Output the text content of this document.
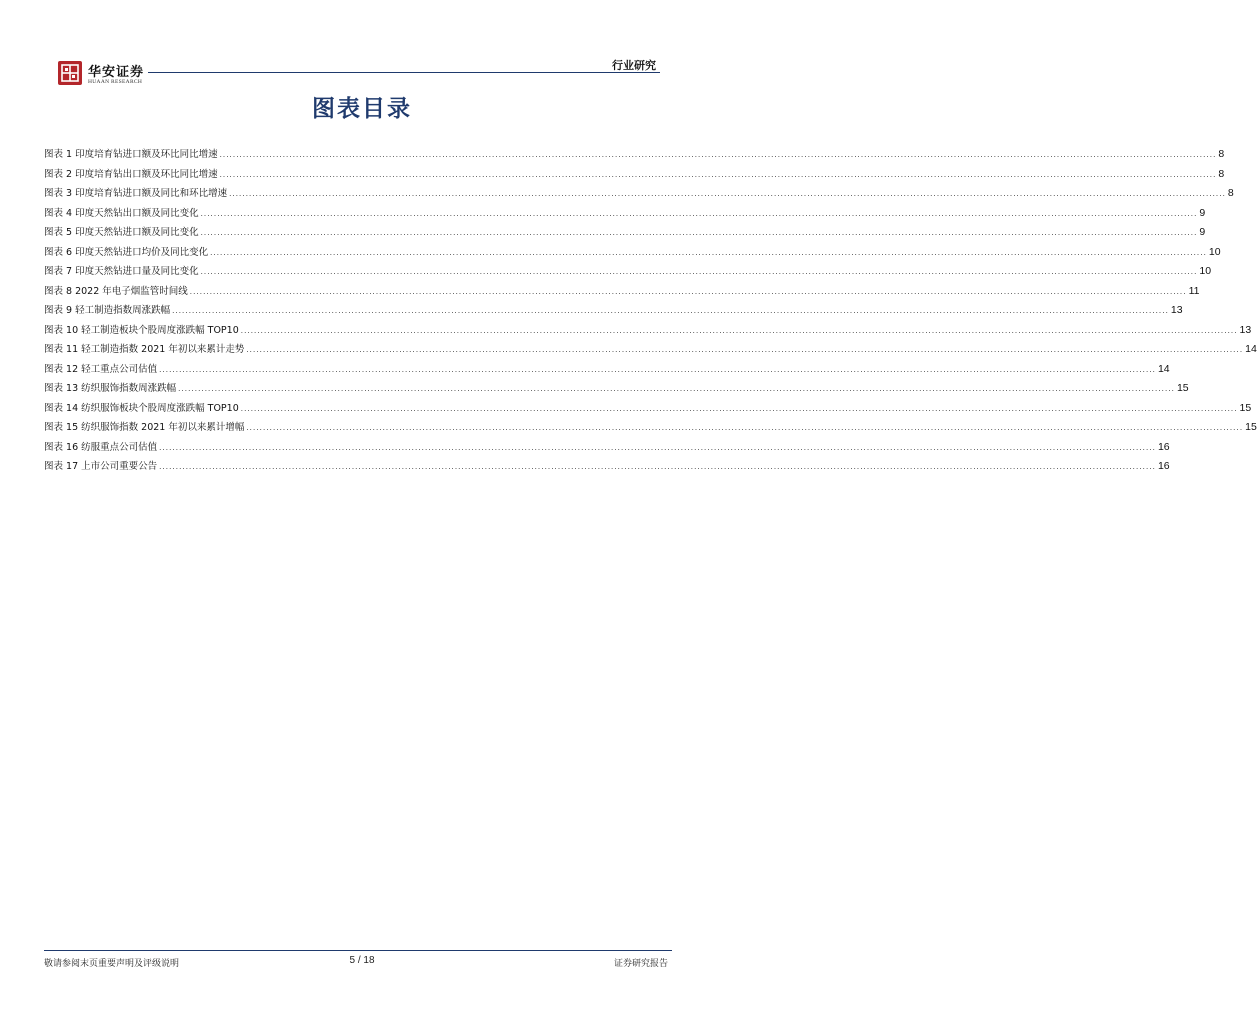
华安证券
HUAAN RESEARCH
行业研究
图表目录
图表 1 印度培育钻进口额及环比同比增速 ............................................................................................................................................................................................................................................................................................................ 8
图表 2 印度培育钻出口额及环比同比增速 ............................................................................................................................................................................................................................................................................................................ 8
图表 3 印度培育钻进口额及同比和环比增速 ............................................................................................................................................................................................................................................................................................................ 8
图表 4 印度天然钻出口额及同比变化 ............................................................................................................................................................................................................................................................................................................ 9
图表 5 印度天然钻进口额及同比变化 ............................................................................................................................................................................................................................................................................................................ 9
图表 6 印度天然钻进口均价及同比变化 ............................................................................................................................................................................................................................................................................................................ 10
图表 7 印度天然钻进口量及同比变化 ............................................................................................................................................................................................................................................................................................................ 10
图表 8 2022 年电子烟监管时间线 ............................................................................................................................................................................................................................................................................................................ 11
图表 9 轻工制造指数周涨跌幅 ............................................................................................................................................................................................................................................................................................................ 13
图表 10 轻工制造板块个股周度涨跌幅 TOP10 ............................................................................................................................................................................................................................................................................................................ 13
图表 11 轻工制造指数 2021 年初以来累计走势 ............................................................................................................................................................................................................................................................................................................ 14
图表 12 轻工重点公司估值 ............................................................................................................................................................................................................................................................................................................ 14
图表 13 纺织服饰指数周涨跌幅 ............................................................................................................................................................................................................................................................................................................ 15
图表 14 纺织服饰板块个股周度涨跌幅 TOP10 ............................................................................................................................................................................................................................................................................................................ 15
图表 15 纺织服饰指数 2021 年初以来累计增幅 ............................................................................................................................................................................................................................................................................................................ 15
图表 16 纺服重点公司估值 ............................................................................................................................................................................................................................................................................................................ 16
图表 17 上市公司重要公告 ............................................................................................................................................................................................................................................................................................................ 16
敬请参阅末页重要声明及评级说明	5 / 18	证券研究报告
